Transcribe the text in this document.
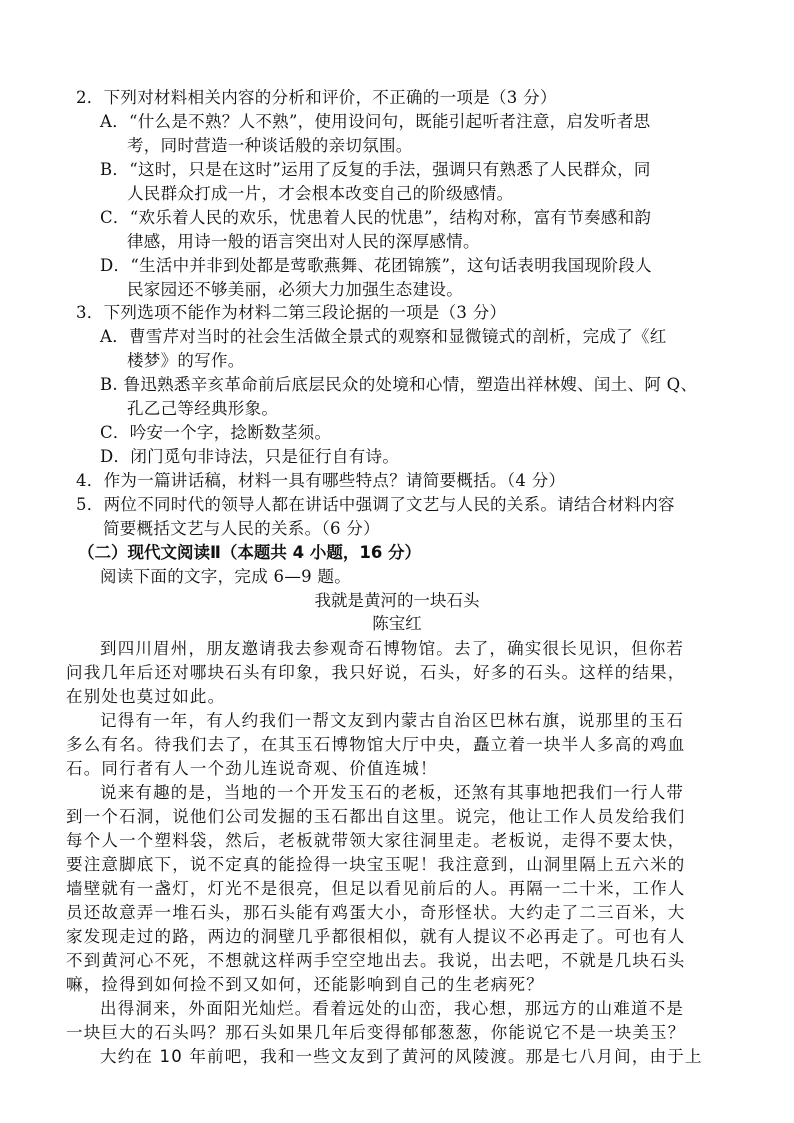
2．下列对材料相关内容的分析和评价，不正确的一项是（3 分）
A．“什么是不熟？人不熟”，使用设问句，既能引起听者注意，启发听者思
考，同时营造一种谈话般的亲切氛围。
B．“这时，只是在这时”运用了反复的手法，强调只有熟悉了人民群众，同
人民群众打成一片，才会根本改变自己的阶级感情。
C．“欢乐着人民的欢乐，忧患着人民的忧患”，结构对称，富有节奏感和韵
律感，用诗一般的语言突出对人民的深厚感情。
D．“生活中并非到处都是莺歌燕舞、花团锦簇”，这句话表明我国现阶段人
民家园还不够美丽，必须大力加强生态建设。
3．下列选项不能作为材料二第三段论据的一项是（3 分）
A．曹雪芹对当时的社会生活做全景式的观察和显微镜式的剖析，完成了《红
楼梦》的写作。
B. 鲁迅熟悉辛亥革命前后底层民众的处境和心情，塑造出祥林嫂、闰土、阿 Q、
孔乙己等经典形象。
C．吟安一个字，捻断数茎须。
D．闭门觅句非诗法，只是征行自有诗。
4．作为一篇讲话稿，材料一具有哪些特点？请简要概括。（4 分）
5．两位不同时代的领导人都在讲话中强调了文艺与人民的关系。请结合材料内容
简要概括文艺与人民的关系。（6 分）
（二）现代文阅读Ⅱ（本题共 4 小题，16 分）
阅读下面的文字，完成 6—9 题。
我就是黄河的一块石头
陈宝红
到四川眉州，朋友邀请我去参观奇石博物馆。去了，确实很长见识，但你若
问我几年后还对哪块石头有印象，我只好说，石头，好多的石头。这样的结果，
在别处也莫过如此。
记得有一年，有人约我们一帮文友到内蒙古自治区巴林右旗，说那里的玉石
多么有名。待我们去了，在其玉石博物馆大厅中央，矗立着一块半人多高的鸡血
石。同行者有人一个劲儿连说奇观、价值连城！
说来有趣的是，当地的一个开发玉石的老板，还煞有其事地把我们一行人带
到一个石洞，说他们公司发掘的玉石都出自这里。说完，他让工作人员发给我们
每个人一个塑料袋，然后，老板就带领大家往洞里走。老板说，走得不要太快，
要注意脚底下，说不定真的能捡得一块宝玉呢！我注意到，山洞里隔上五六米的
墙壁就有一盏灯，灯光不是很亮，但足以看见前后的人。再隔一二十米，工作人
员还故意弄一堆石头，那石头能有鸡蛋大小，奇形怪状。大约走了二三百米，大
家发现走过的路，两边的洞壁几乎都很相似，就有人提议不必再走了。可也有人
不到黄河心不死，不想就这样两手空空地出去。我说，出去吧，不就是几块石头
嘛，捡得到如何捡不到又如何，还能影响到自己的生老病死？
出得洞来，外面阳光灿烂。看着远处的山峦，我心想，那远方的山难道不是
一块巨大的石头吗？那石头如果几年后变得郁郁葱葱，你能说它不是一块美玉？
大约在 10 年前吧，我和一些文友到了黄河的风陵渡。那是七八月间，由于上
